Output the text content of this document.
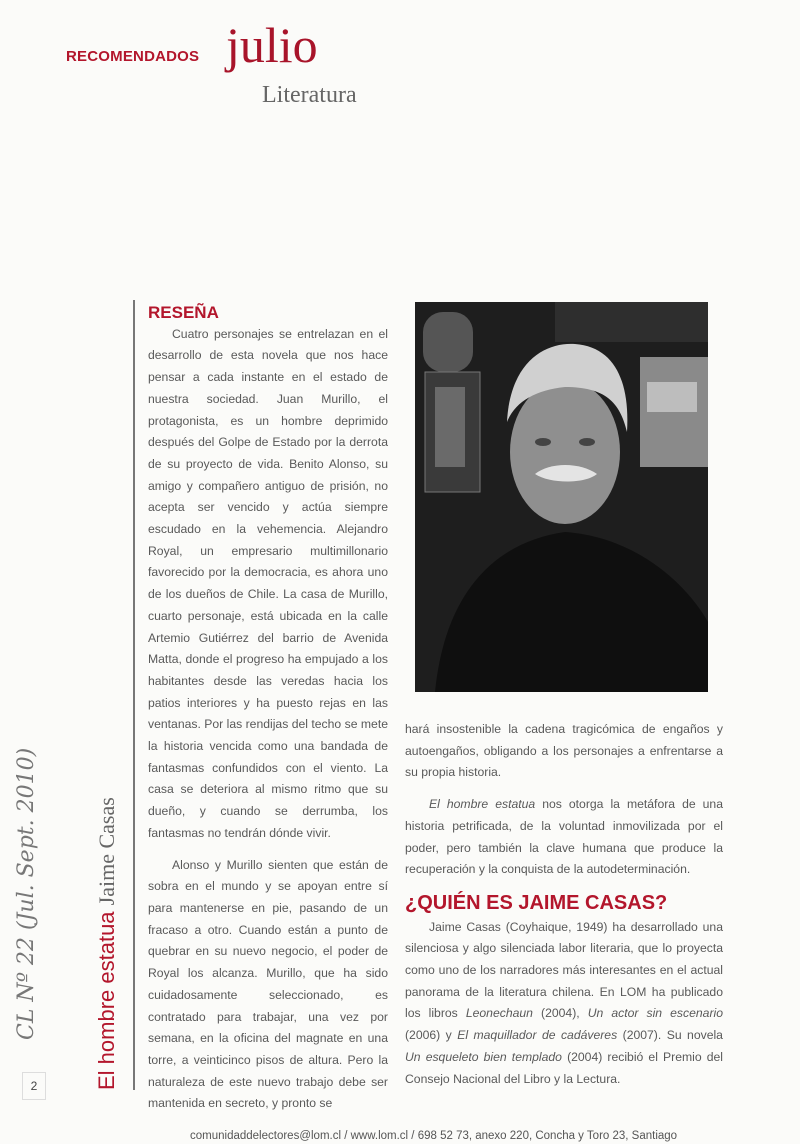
RECOMENDADOS julio
Literatura
CL Nº 22 (Jul. Sept. 2010)
2	El hombre estatua Jaime Casas
RESEÑA

Cuatro personajes se entrelazan en el desarrollo de esta novela que nos hace pensar a cada instante en el estado de nuestra sociedad. Juan Murillo, el protagonista, es un hombre deprimido después del Golpe de Estado por la derrota de su proyecto de vida. Benito Alonso, su amigo y compañero antiguo de prisión, no acepta ser vencido y actúa siempre escudado en la vehemencia. Alejandro Royal, un empresario multimillonario favorecido por la democracia, es ahora uno de los dueños de Chile. La casa de Murillo, cuarto personaje, está ubicada en la calle Artemio Gutiérrez del barrio de Avenida Matta, donde el progreso ha empujado a los habitantes desde las veredas hacia los patios interiores y ha puesto rejas en las ventanas. Por las rendijas del techo se mete la historia vencida como una bandada de fantasmas confundidos con el viento. La casa se deteriora al mismo ritmo que su dueño, y cuando se derrumba, los fantasmas no tendrán dónde vivir.

Alonso y Murillo sienten que están de sobra en el mundo y se apoyan entre sí para mantenerse en pie, pasando de un fracaso a otro. Cuando están a punto de quebrar en su nuevo negocio, el poder de Royal los alcanza. Murillo, que ha sido cuidadosamente seleccionado, es contratado para trabajar, una vez por semana, en la oficina del magnate en una torre, a veinticinco pisos de altura. Pero la naturaleza de este nuevo trabajo debe ser mantenida en secreto, y pronto se

hará insostenible la cadena tragicómica de engaños y autoengaños, obligando a los personajes a enfrentarse a su propia historia.

El hombre estatua nos otorga la metáfora de una historia petrificada, de la voluntad inmovilizada por el poder, pero también la clave humana que produce la recuperación y la conquista de la autodeterminación.

¿QUIÉN ES JAIME CASAS?

Jaime Casas (Coyhaique, 1949) ha desarrollado una silenciosa y algo silenciada labor literaria, que lo proyecta como uno de los narradores más interesantes en el actual panorama de la literatura chilena. En LOM ha publicado los libros Leonechaun (2004), Un actor sin escenario (2006) y El maquillador de cadáveres (2007). Su novela Un esqueleto bien templado (2004) recibió el Premio del Consejo Nacional del Libro y la Lectura.

comunidaddelectores@lom.cl / www.lom.cl / 698 52 73, anexo 220, Concha y Toro 23, Santiago
